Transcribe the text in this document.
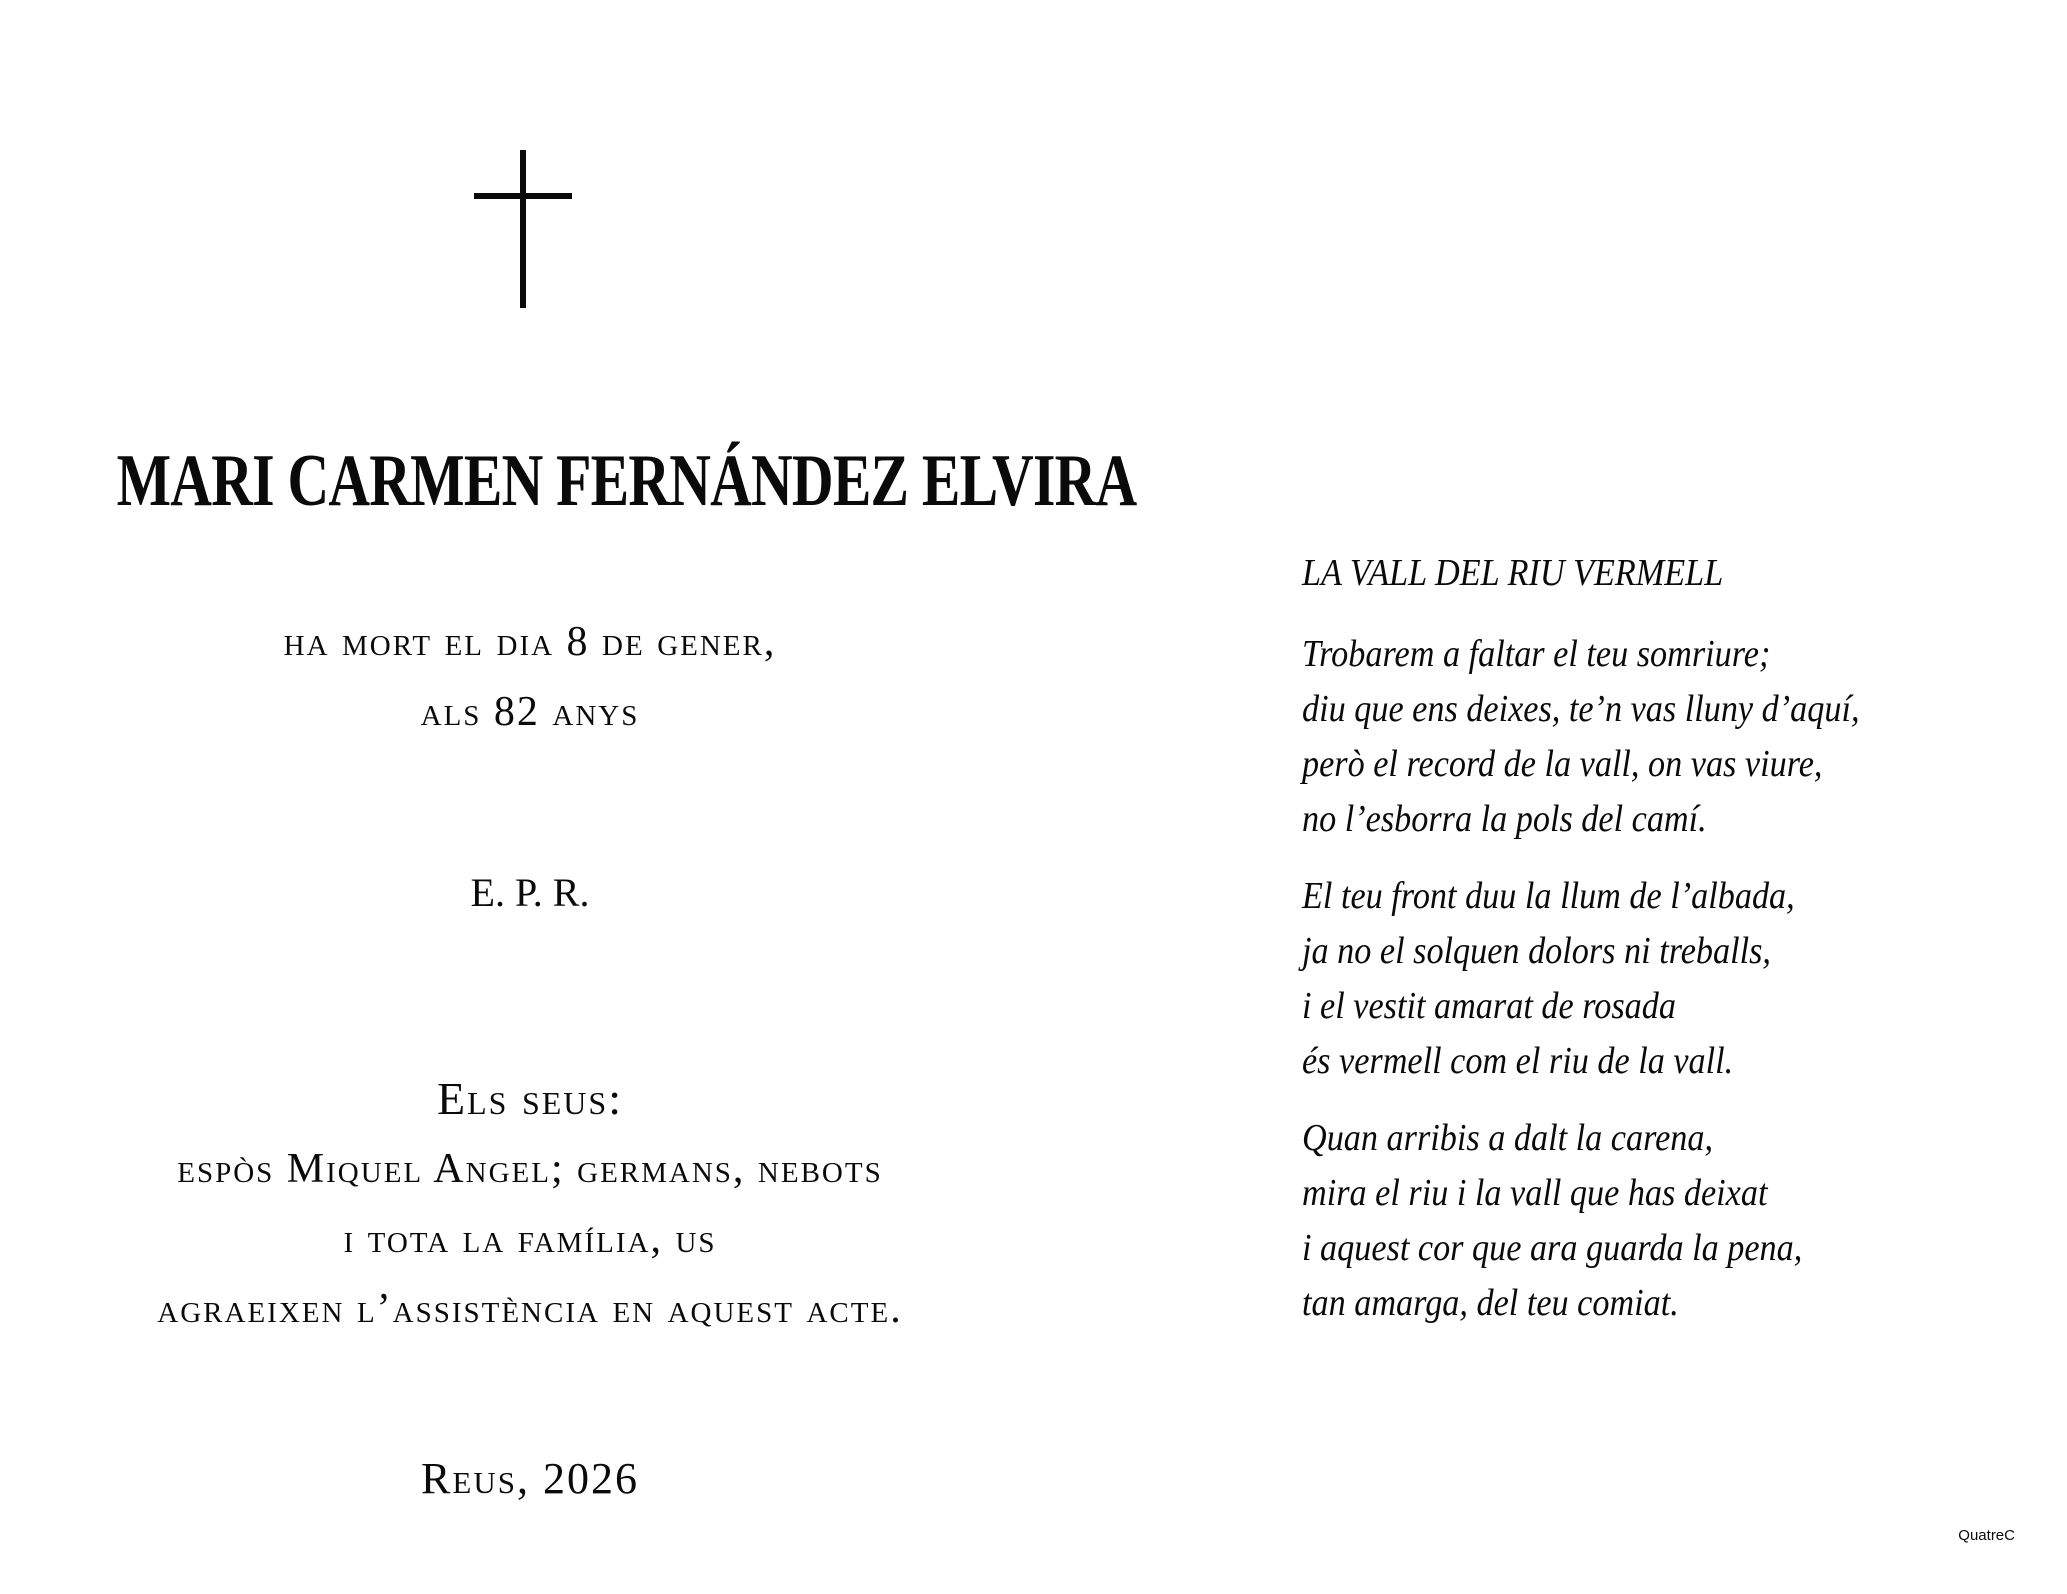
MARI CARMEN FERNÁNDEZ ELVIRA
ha mort el dia 8 de gener,
als 82 anys
E. P. R.
Els seus:
espòs Miquel Angel; germans, nebots
i tota la família, us
agraeixen l’assistència en aquest acte.
Reus, 2026
LA VALL DEL RIU VERMELL
Trobarem a faltar el teu somriure;
diu que ens deixes, te’n vas lluny d’aquí,
però el record de la vall, on vas viure,
no l’esborra la pols del camí.
El teu front duu la llum de l’albada,
ja no el solquen dolors ni treballs,
i el vestit amarat de rosada
és vermell com el riu de la vall.
Quan arribis a dalt la carena,
mira el riu i la vall que has deixat
i aquest cor que ara guarda la pena,
tan amarga, del teu comiat.
QuatreC
